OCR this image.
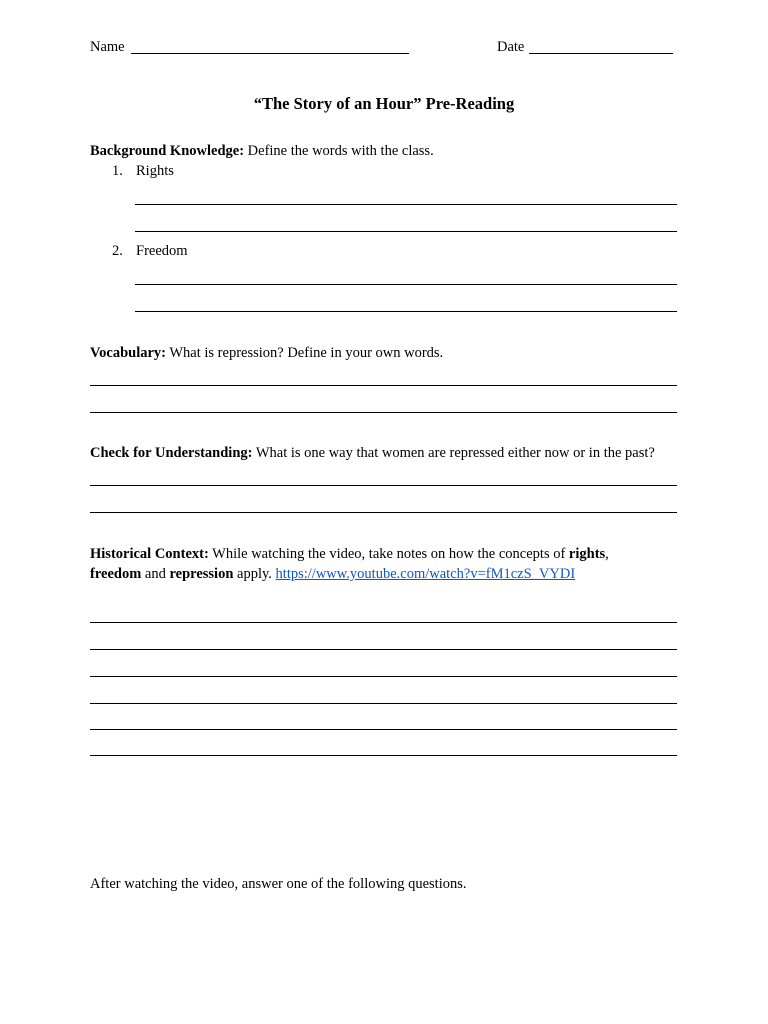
Name	Date
“The Story of an Hour” Pre-Reading
Background Knowledge: Define the words with the class.
1. Rights
2. Freedom
Vocabulary: What is repression? Define in your own words.
Check for Understanding: What is one way that women are repressed either now or in the past?
Historical Context: While watching the video, take notes on how the concepts of rights,
freedom and repression apply. https://www.youtube.com/watch?v=fM1czS_VYDI
After watching the video, answer one of the following questions.
